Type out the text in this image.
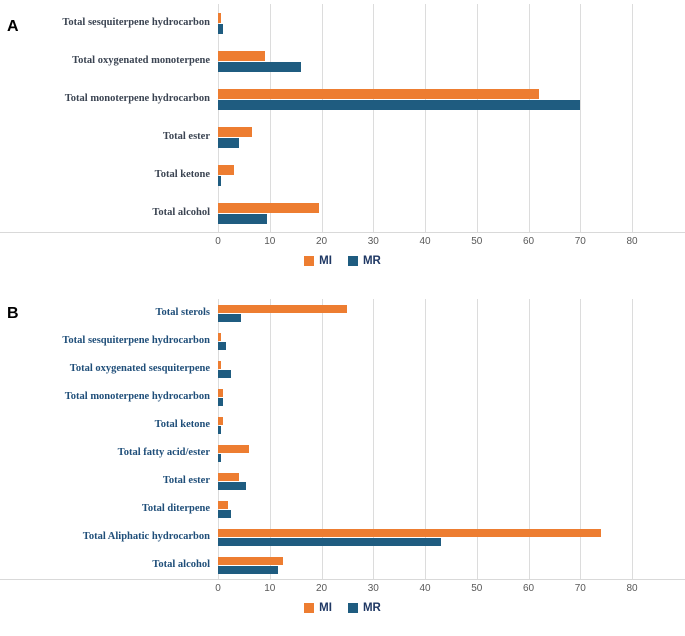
A	Total sesquiterpene hydrocarbon
Total oxygenated monoterpene
Total monoterpene hydrocarbon
Total ester
Total ketone
Total alcohol
0	10	20	30	40	50	60	70	80
MI	MR
B	Total sterols
Total sesquiterpene hydrocarbon
Total oxygenated sesquiterpene
Total monoterpene hydrocarbon
Total ketone
Total fatty acid/ester
Total ester
Total diterpene
Total Aliphatic hydrocarbon
Total alcohol
0	10	20	30	40	50	60	70	80
MI	MR
